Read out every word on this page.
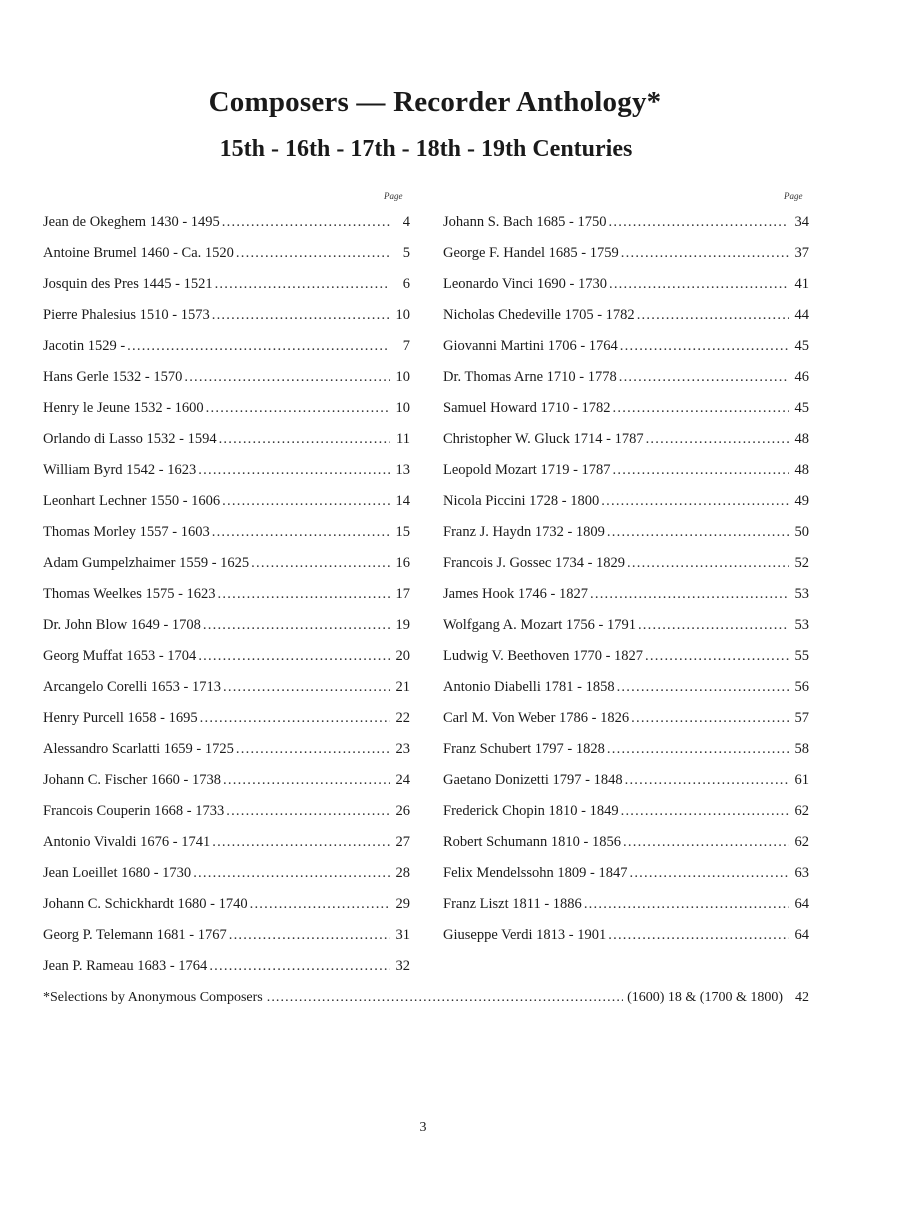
Composers — Recorder Anthology*
15th - 16th - 17th - 18th - 19th Centuries
Page	Page
Jean de Okeghem 1430 - 1495 . . .	4
Antoine Brumel 1460 - Ca. 1520 . . .	5
Josquin des Pres 1445 - 1521 . . .	6
Pierre Phalesius 1510 - 1573 . . .	10
Jacotin 1529 - . . .	7
Hans Gerle 1532 - 1570 . . .	10
Henry le Jeune 1532 - 1600 . . .	10
Orlando di Lasso 1532 - 1594 . . .	11
William Byrd 1542 - 1623 . . .	13
Leonhart Lechner 1550 - 1606 . . .	14
Thomas Morley 1557 - 1603 . . .	15
Adam Gumpelzhaimer 1559 - 1625 . . .	16
Thomas Weelkes 1575 - 1623 . . .	17
Dr. John Blow 1649 - 1708 . . .	19
Georg Muffat 1653 - 1704 . . .	20
Arcangelo Corelli 1653 - 1713 . . .	21
Henry Purcell 1658 - 1695 . . .	22
Alessandro Scarlatti 1659 - 1725 . . .	23
Johann C. Fischer 1660 - 1738 . . .	24
Francois Couperin 1668 - 1733 . . .	26
Antonio Vivaldi 1676 - 1741 . . .	27
Jean Loeillet 1680 - 1730 . . .	28
Johann C. Schickhardt 1680 - 1740 . . .	29
Georg P. Telemann 1681 - 1767 . . .	31
Jean P. Rameau 1683 - 1764 . . .	32
Johann S. Bach 1685 - 1750 . . .	34
George F. Handel 1685 - 1759 . . .	37
Leonardo Vinci 1690 - 1730 . . .	41
Nicholas Chedeville 1705 - 1782 . . .	44
Giovanni Martini 1706 - 1764 . . .	45
Dr. Thomas Arne 1710 - 1778 . . .	46
Samuel Howard 1710 - 1782 . . .	45
Christopher W. Gluck 1714 - 1787 . . .	48
Leopold Mozart 1719 - 1787 . . .	48
Nicola Piccini 1728 - 1800 . . .	49
Franz J. Haydn 1732 - 1809 . . .	50
Francois J. Gossec 1734 - 1829 . . .	52
James Hook 1746 - 1827 . . .	53
Wolfgang A. Mozart 1756 - 1791 . . .	53
Ludwig V. Beethoven 1770 - 1827 . . .	55
Antonio Diabelli 1781 - 1858 . . .	56
Carl M. Von Weber 1786 - 1826 . . .	57
Franz Schubert 1797 - 1828 . . .	58
Gaetano Donizetti 1797 - 1848 . . .	61
Frederick Chopin 1810 - 1849 . . .	62
Robert Schumann 1810 - 1856 . . .	62
Felix Mendelssohn 1809 - 1847 . . .	63
Franz Liszt 1811 - 1886 . . .	64
Giuseppe Verdi 1813 - 1901 . . .	64
*Selections by Anonymous Composers . . .	(1600) 18 & (1700 & 1800) 42
3
